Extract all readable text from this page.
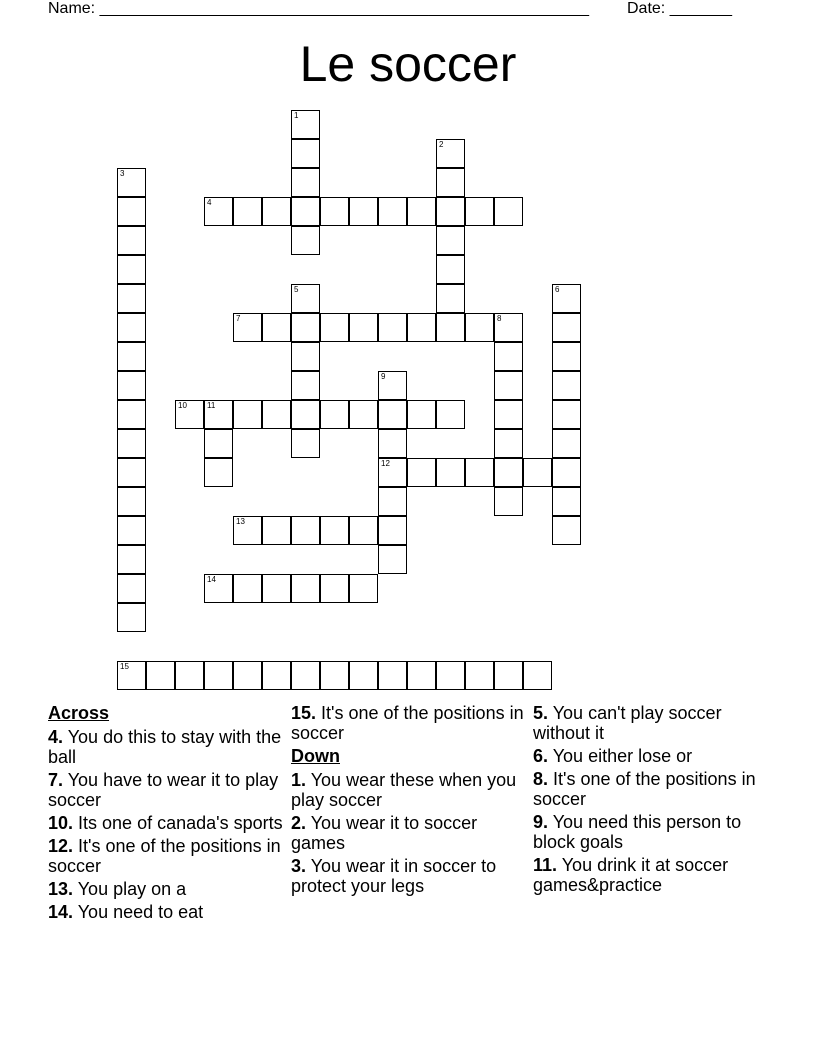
Name: _______________________________________________________ Date: _______
Le soccer
1
2
3
4
5	6
7	8
9
12
10	11
13
14
15
Across
4. You do this to stay with the ball
7. You have to wear it to play soccer
10. Its one of canada's sports
12. It's one of the positions in soccer
13. You play on a
14. You need to eat
15. It's one of the positions in soccer
Down
1. You wear these when you play soccer
2. You wear it to soccer games
3. You wear it in soccer to protect your legs
5. You can't play soccer without it
6. You either lose or
8. It's one of the positions in soccer
9. You need this person to block goals
11. You drink it at soccer games&practice
